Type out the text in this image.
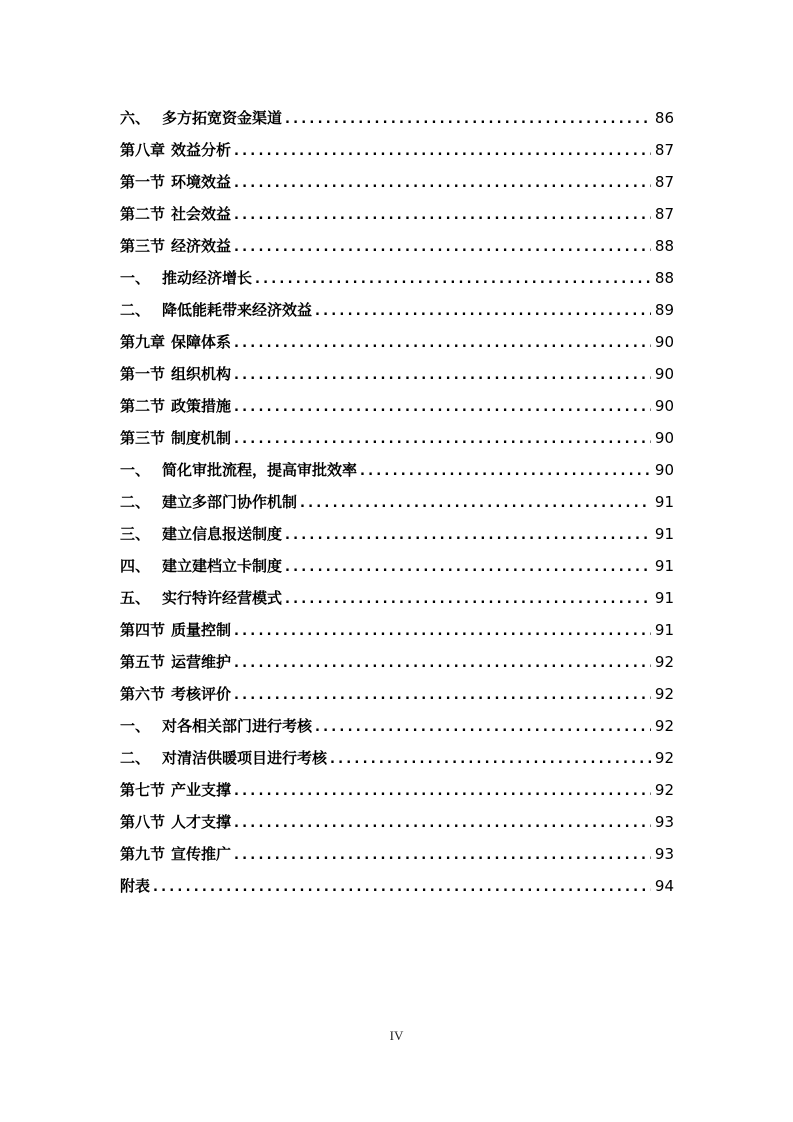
六、 多方拓宽资金渠道 .....	86
第八章 效益分析 .....	87
第一节 环境效益 .....	87
第二节 社会效益 .....	87
第三节 经济效益 .....	88
一、 推动经济增长 .....	88
二、 降低能耗带来经济效益 .....	89
第九章 保障体系 .....	90
第一节 组织机构 .....	90
第二节 政策措施 .....	90
第三节 制度机制 .....	90
一、 简化审批流程，提高审批效率 .....	90
二、 建立多部门协作机制 .....	91
三、 建立信息报送制度 .....	91
四、 建立建档立卡制度 .....	91
五、 实行特许经营模式 .....	91
第四节 质量控制 .....	91
第五节 运营维护 .....	92
第六节 考核评价 .....	92
一、 对各相关部门进行考核 .....	92
二、 对清洁供暖项目进行考核 .....	92
第七节 产业支撑 .....	92
第八节 人才支撑 .....	93
第九节 宣传推广 .....	93
附表 .....	94
IV
